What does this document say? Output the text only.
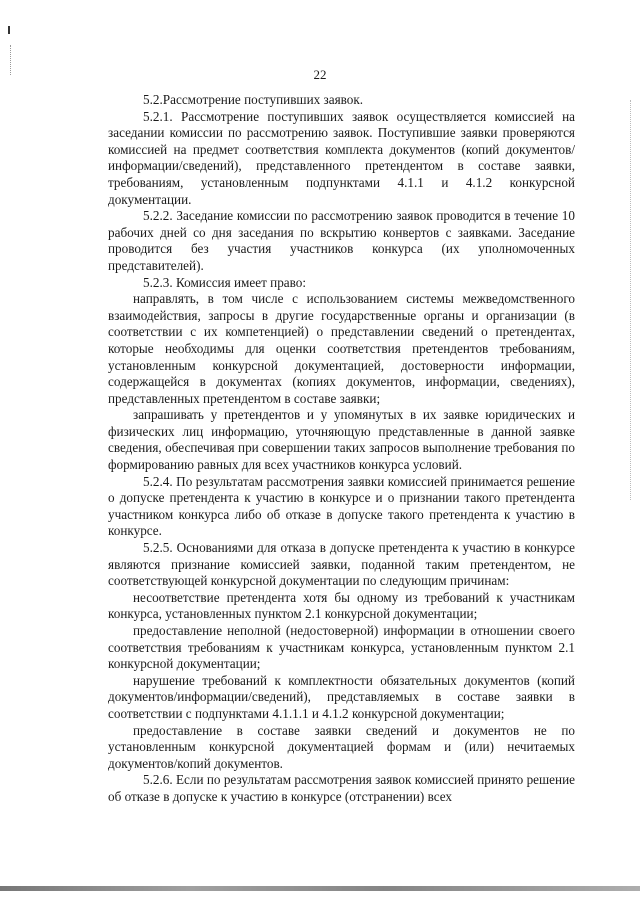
22

5.2.Рассмотрение поступивших заявок.

5.2.1. Рассмотрение поступивших заявок осуществляется комиссией на заседании комиссии по рассмотрению заявок. Поступившие заявки проверяются комиссией на предмет соответствия комплекта документов (копий документов/информации/сведений), представленного претендентом в составе заявки, требованиям, установленным подпунктами 4.1.1 и 4.1.2 конкурсной документации.

5.2.2. Заседание комиссии по рассмотрению заявок проводится в течение 10 рабочих дней со дня заседания по вскрытию конвертов с заявками. Заседание проводится без участия участников конкурса (их уполномоченных представителей).

5.2.3. Комиссия имеет право:

направлять, в том числе с использованием системы межведомственного взаимодействия, запросы в другие государственные органы и организации (в соответствии с их компетенцией) о представлении сведений о претендентах, которые необходимы для оценки соответствия претендентов требованиям, установленным конкурсной документацией, достоверности информации, содержащейся в документах (копиях документов, информации, сведениях), представленных претендентом в составе заявки;

запрашивать у претендентов и у упомянутых в их заявке юридических и физических лиц информацию, уточняющую представленные в данной заявке сведения, обеспечивая при совершении таких запросов выполнение требования по формированию равных для всех участников конкурса условий.

5.2.4. По результатам рассмотрения заявки комиссией принимается решение о допуске претендента к участию в конкурсе и о признании такого претендента участником конкурса либо об отказе в допуске такого претендента к участию в конкурсе.

5.2.5. Основаниями для отказа в допуске претендента к участию в конкурсе являются признание комиссией заявки, поданной таким претендентом, не соответствующей конкурсной документации по следующим причинам:

несоответствие претендента хотя бы одному из требований к участникам конкурса, установленных пунктом 2.1 конкурсной документации;

предоставление неполной (недостоверной) информации в отношении своего соответствия требованиям к участникам конкурса, установленным пунктом 2.1 конкурсной документации;

нарушение требований к комплектности обязательных документов (копий документов/информации/сведений), представляемых в составе заявки в соответствии с подпунктами 4.1.1.1 и 4.1.2 конкурсной документации;

предоставление в составе заявки сведений и документов не по установленным конкурсной документацией формам и (или) нечитаемых документов/копий документов.

5.2.6. Если по результатам рассмотрения заявок комиссией принято решение об отказе в допуске к участию в конкурсе (отстранении) всех
